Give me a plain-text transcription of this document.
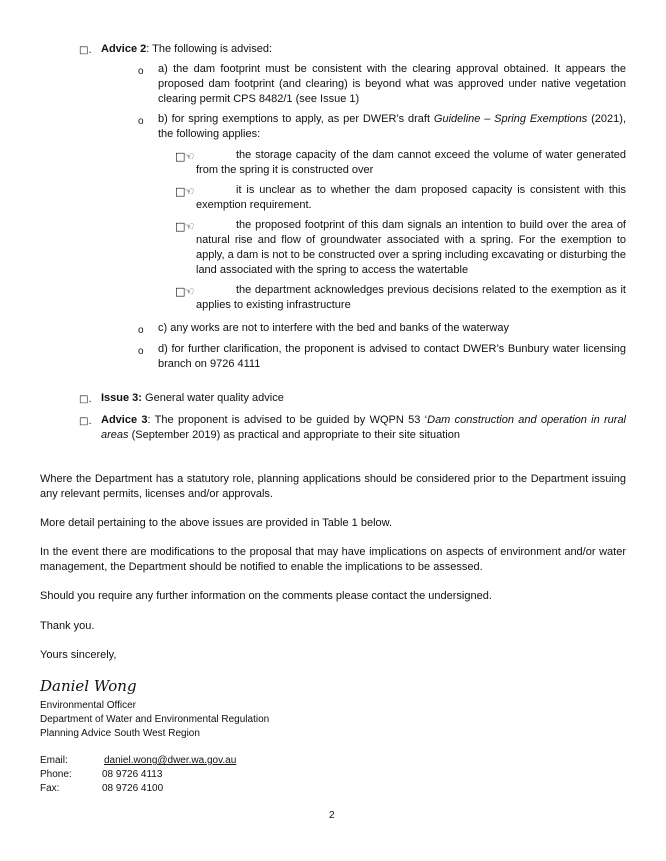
□. Advice 2: The following is advised:

o a) the dam footprint must be consistent with the clearing approval obtained. It appears the proposed dam footprint (and clearing) is beyond what was approved under native vegetation clearing permit CPS 8482/1 (see Issue 1)

o b) for spring exemptions to apply, as per DWER’s draft Guideline – Spring Exemptions (2021), the following applies:

□☜	the storage capacity of the dam cannot exceed the volume of water generated from the spring it is constructed over

□☜	it is unclear as to whether the dam proposed capacity is consistent with this exemption requirement.

□☜	the proposed footprint of this dam signals an intention to build over the area of natural rise and flow of groundwater associated with a spring. For the exemption to apply, a dam is not to be constructed over a spring including excavating or disturbing the land associated with the spring to access the watertable

□☜	the department acknowledges previous decisions related to the exemption as it applies to existing infrastructure

o c) any works are not to interfere with the bed and banks of the waterway

o d) for further clarification, the proponent is advised to contact DWER’s Bunbury water licensing branch on 9726 4111

□. Issue 3: General water quality advice

□. Advice 3: The proponent is advised to be guided by WQPN 53 ‘Dam construction and operation in rural areas (September 2019) as practical and appropriate to their site situation

Where the Department has a statutory role, planning applications should be considered prior to the Department issuing any relevant permits, licenses and/or approvals.

More detail pertaining to the above issues are provided in Table 1 below.

In the event there are modifications to the proposal that may have implications on aspects of environment and/or water management, the Department should be notified to enable the implications to be assessed.

Should you require any further information on the comments please contact the undersigned.

Thank you.

Yours sincerely,

Daniel Wong

Environmental Officer

Department of Water and Environmental Regulation

Planning Advice South West Region

Email:	daniel.wong@dwer.wa.gov.au
Phone:	08 9726 4113
Fax:	08 9726 4100
2
